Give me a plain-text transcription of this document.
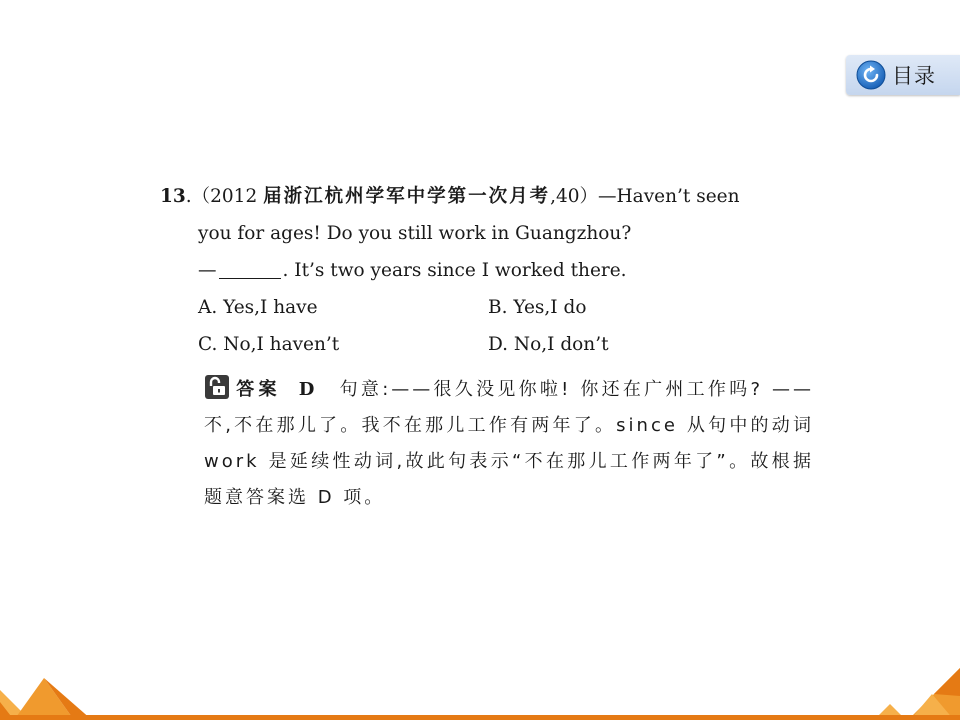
目录
13.（2012 届浙江杭州学军中学第一次月考,40）—Haven’t seen
you for ages! Do you still work in Guangzhou?
—	. It’s two years since I worked there.
A. Yes,I have	B. Yes,I do
C. No,I haven’t	D. No,I don’t
答案 D 句意:——很久没见你啦! 你还在广州工作吗? ——不,不在那儿了。我不在那儿工作有两年了。since 从句中的动词 work 是延续性动词,故此句表示“不在那儿工作两年了”。故根据题意答案选 D 项。
